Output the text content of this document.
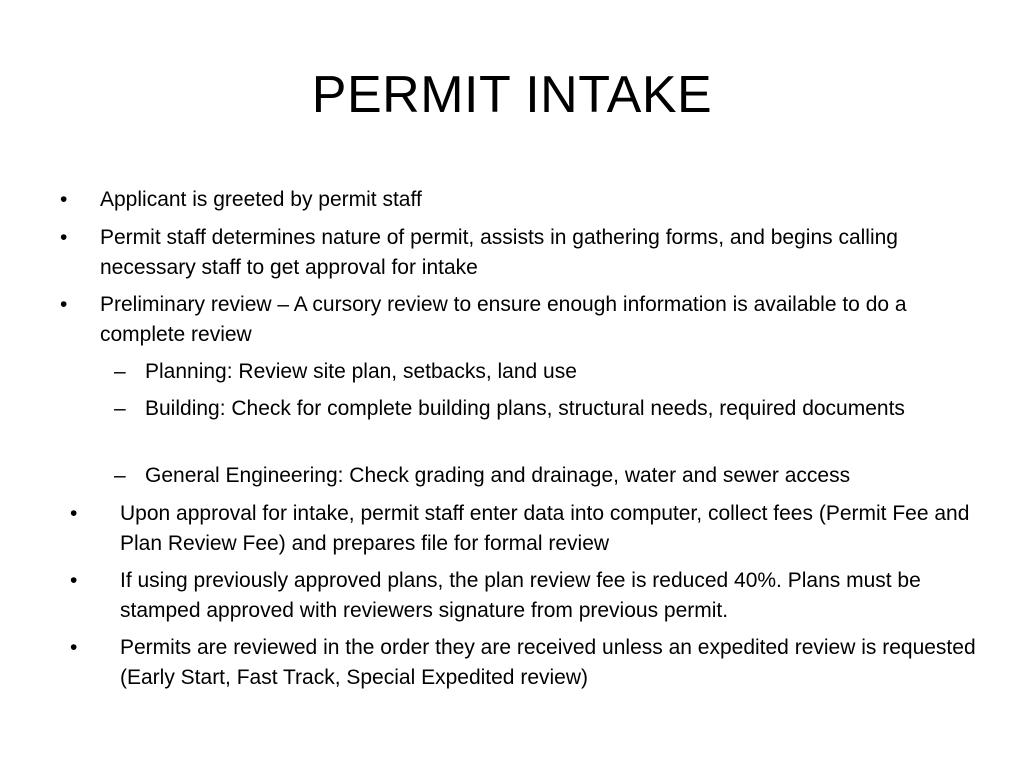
PERMIT INTAKE
• Applicant is greeted by permit staff
• Permit staff determines nature of permit, assists in gathering forms, and begins calling necessary staff to get approval for intake
• Preliminary review – A cursory review to ensure enough information is available to do a complete review
– Planning: Review site plan, setbacks, land use
– Building: Check for complete building plans, structural needs, required documents
– General Engineering: Check grading and drainage, water and sewer access
• Upon approval for intake, permit staff enter data into computer, collect fees (Permit Fee and Plan Review Fee) and prepares file for formal review
• If using previously approved plans, the plan review fee is reduced 40%. Plans must be stamped approved with reviewers signature from previous permit.
• Permits are reviewed in the order they are received unless an expedited review is requested (Early Start, Fast Track, Special Expedited review)
